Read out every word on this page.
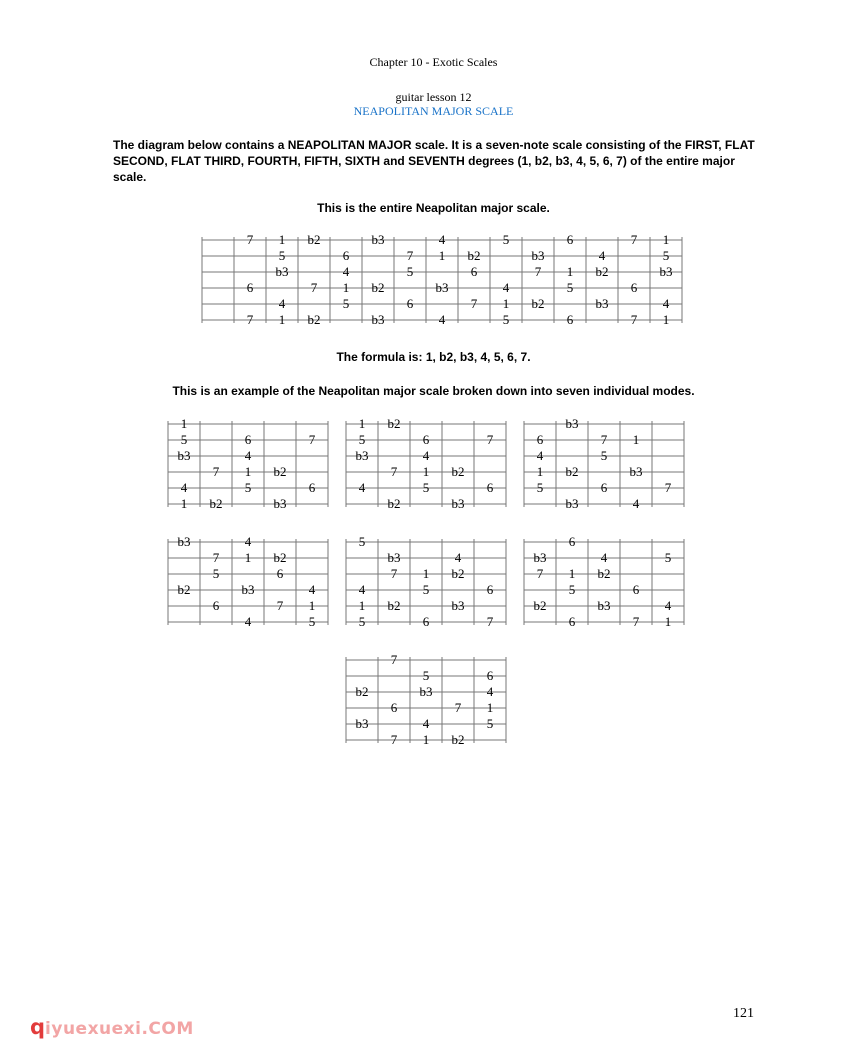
Chapter 10 - Exotic Scales
guitar lesson 12
NEAPOLITAN MAJOR SCALE
The diagram below contains a NEAPOLITAN MAJOR scale. It is a seven-note scale consisting of the FIRST, FLAT SECOND, FLAT THIRD, FOURTH, FIFTH, SIXTH and SEVENTH degrees (1, b2, b3, 4, 5, 6, 7) of the entire major scale.
This is the entire Neapolitan major scale.
7 1 b2	b3	4	5	6	7 1
5	6	7 1 b2	b3	4	5
b3	4	5	6	7 1 b2	b3
6	7 1 b2	b3	4	5	6
4	5	6	7 1 b2	b3	4
7 1 b2	b3	4	5	6	7 1
The formula is: 1, b2, b3, 4, 5, 6, 7.
This is an example of the Neapolitan major scale broken down into seven individual modes.
1
5	6	7
b3	4
7 1 b2
4	5	6
1 b2	b3
1 b2
5	6	7
b3	4
7 1 b2
4	5	6
b2	b3
b3
6	7 1
4	5
1 b2	b3
5	6	7
b3	4
b3	4
7 1 b2
5	6
b2	b3	4
6	7 1
4	5
5
b3	4
7 1 b2
4	5	6
1 b2	b3
5	6	7
6
b3	4	5
7 1 b2
5	6
b2	b3	4
6	7 1
7
5	6
b2	b3	4
6	7 1
b3	4	5
7 1 b2
121
qiyuexuexi.COM
